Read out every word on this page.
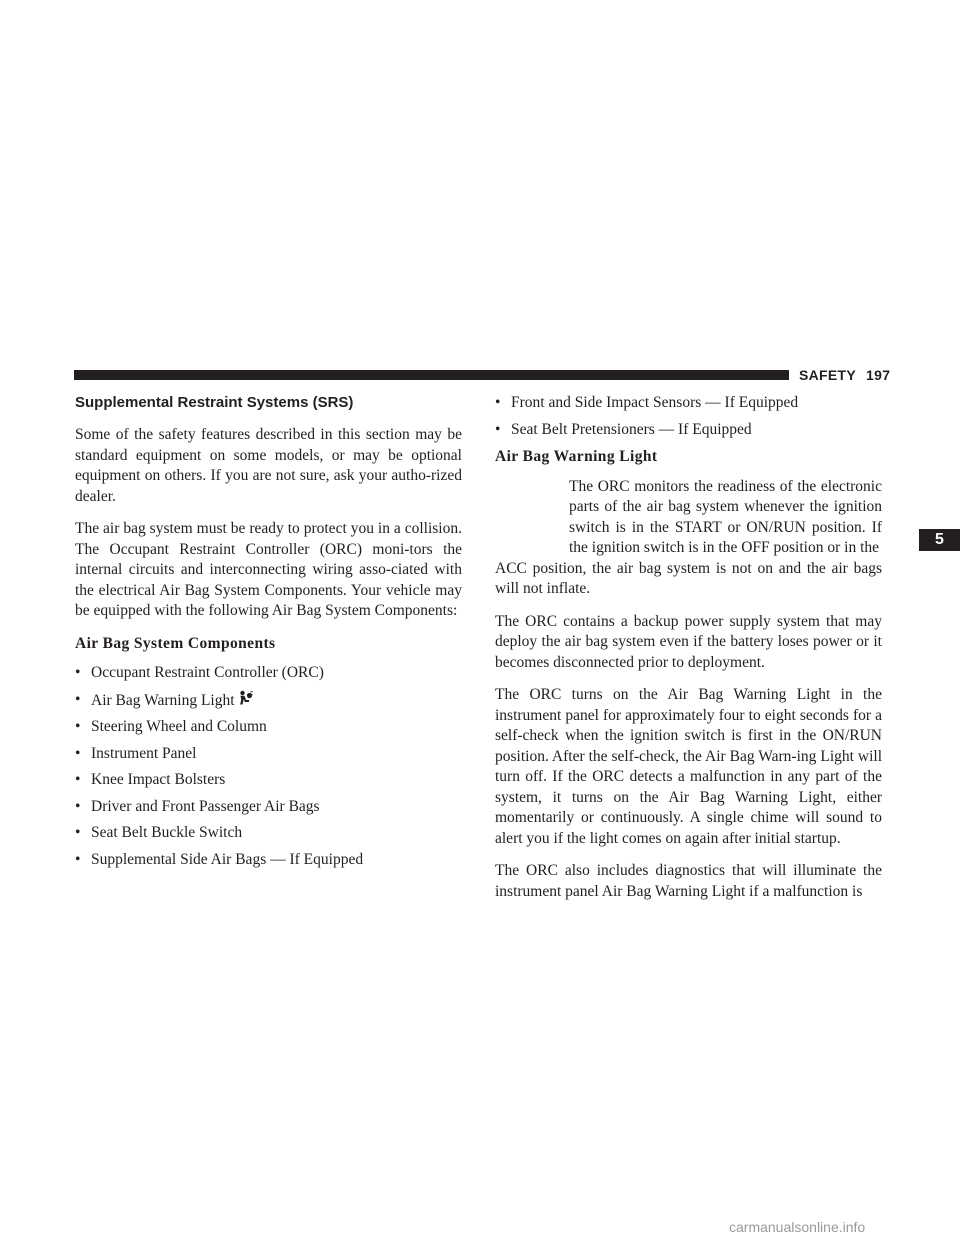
SAFETY 197
5
Supplemental Restraint Systems (SRS)

Some of the safety features described in this section may be standard equipment on some models, or may be optional equipment on others. If you are not sure, ask your autho-rized dealer.

The air bag system must be ready to protect you in a collision. The Occupant Restraint Controller (ORC) moni-tors the internal circuits and interconnecting wiring asso-ciated with the electrical Air Bag System Components. Your vehicle may be equipped with the following Air Bag System Components:

Air Bag System Components
• Occupant Restraint Controller (ORC)
• Air Bag Warning Light
• Steering Wheel and Column
• Instrument Panel
• Knee Impact Bolsters
• Driver and Front Passenger Air Bags
• Seat Belt Buckle Switch
• Supplemental Side Air Bags — If Equipped
• Front and Side Impact Sensors — If Equipped
• Seat Belt Pretensioners — If Equipped
Air Bag Warning Light

The ORC monitors the readiness of the electronic parts of the air bag system whenever the ignition switch is in the START or ON/RUN position. If the ignition switch is in the OFF position or in the

ACC position, the air bag system is not on and the air bags will not inflate.

The ORC contains a backup power supply system that may deploy the air bag system even if the battery loses power or it becomes disconnected prior to deployment.

The ORC turns on the Air Bag Warning Light in the instrument panel for approximately four to eight seconds for a self-check when the ignition switch is first in the ON/RUN position. After the self-check, the Air Bag Warn-ing Light will turn off. If the ORC detects a malfunction in any part of the system, it turns on the Air Bag Warning Light, either momentarily or continuously. A single chime will sound to alert you if the light comes on again after initial startup.

The ORC also includes diagnostics that will illuminate the instrument panel Air Bag Warning Light if a malfunction is

carmanualsonline.info
